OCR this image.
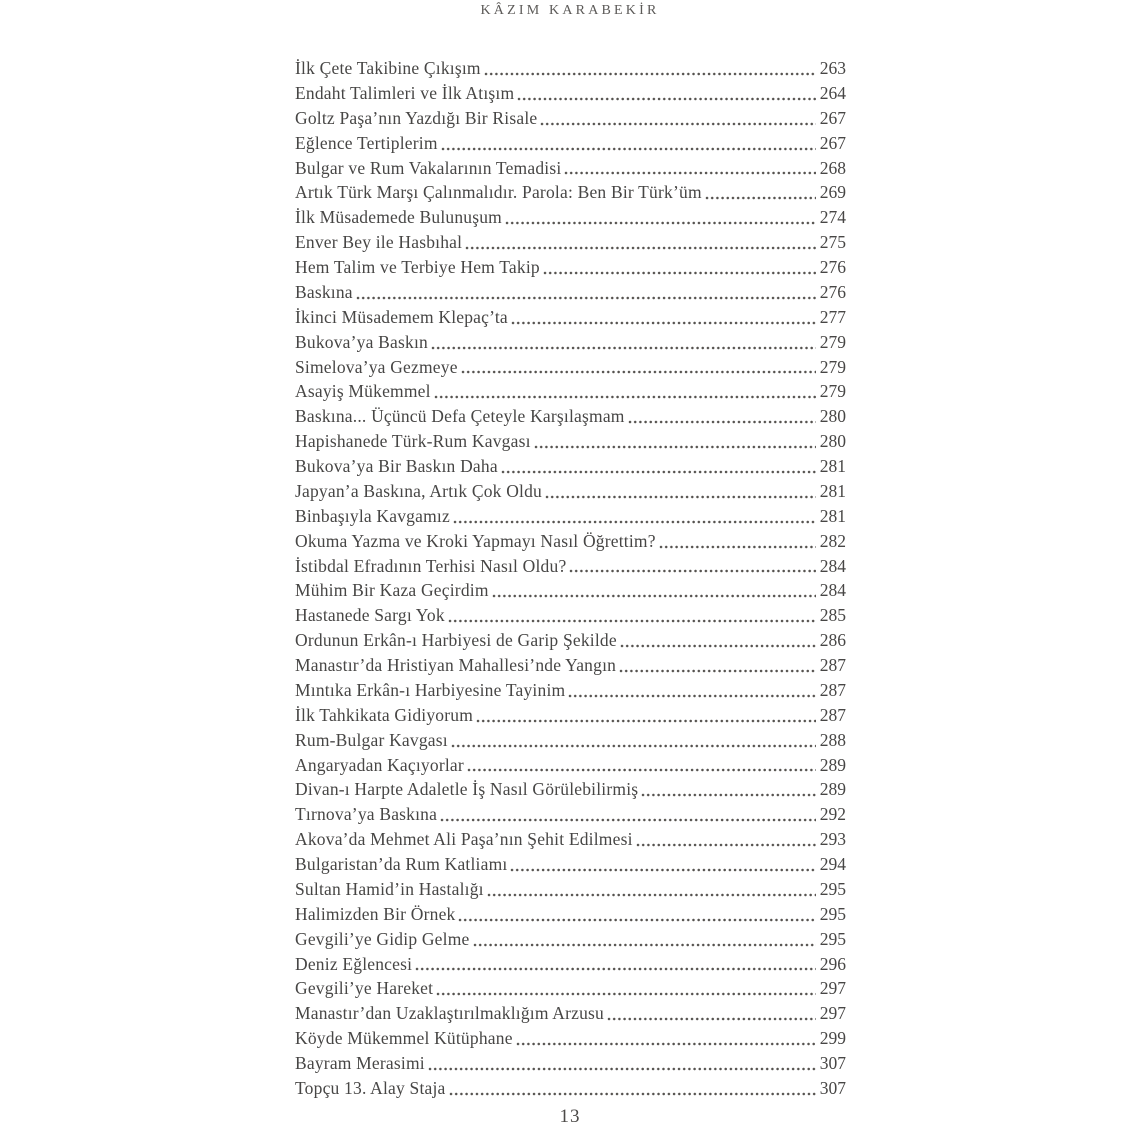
KÂZIM KARABEKİR
İlk Çete Takibine Çıkışım	263
Endaht Talimleri ve İlk Atışım	264
Goltz Paşa’nın Yazdığı Bir Risale	267
Eğlence Tertiplerim	267
Bulgar ve Rum Vakalarının Temadisi	268
Artık Türk Marşı Çalınmalıdır. Parola: Ben Bir Türk’üm	269
İlk Müsademede Bulunuşum	274
Enver Bey ile Hasbıhal	275
Hem Talim ve Terbiye Hem Takip	276
Baskına	276
İkinci Müsademem Klepaç’ta	277
Bukova’ya Baskın	279
Simelova’ya Gezmeye	279
Asayiş Mükemmel	279
Baskına... Üçüncü Defa Çeteyle Karşılaşmam	280
Hapishanede Türk-Rum Kavgası	280
Bukova’ya Bir Baskın Daha	281
Japyan’a Baskına, Artık Çok Oldu	281
Binbaşıyla Kavgamız	281
Okuma Yazma ve Kroki Yapmayı Nasıl Öğrettim?	282
İstibdal Efradının Terhisi Nasıl Oldu?	284
Mühim Bir Kaza Geçirdim	284
Hastanede Sargı Yok	285
Ordunun Erkân-ı Harbiyesi de Garip Şekilde	286
Manastır’da Hristiyan Mahallesi’nde Yangın	287
Mıntıka Erkân-ı Harbiyesine Tayinim	287
İlk Tahkikata Gidiyorum	287
Rum-Bulgar Kavgası	288
Angaryadan Kaçıyorlar	289
Divan-ı Harpte Adaletle İş Nasıl Görülebilirmiş	289
Tırnova’ya Baskına	292
Akova’da Mehmet Ali Paşa’nın Şehit Edilmesi	293
Bulgaristan’da Rum Katliamı	294
Sultan Hamid’in Hastalığı	295
Halimizden Bir Örnek	295
Gevgili’ye Gidip Gelme	295
Deniz Eğlencesi	296
Gevgili’ye Hareket	297
Manastır’dan Uzaklaştırılmaklığım Arzusu	297
Köyde Mükemmel Kütüphane	299
Bayram Merasimi	307
Topçu 13. Alay Staja	307
13
